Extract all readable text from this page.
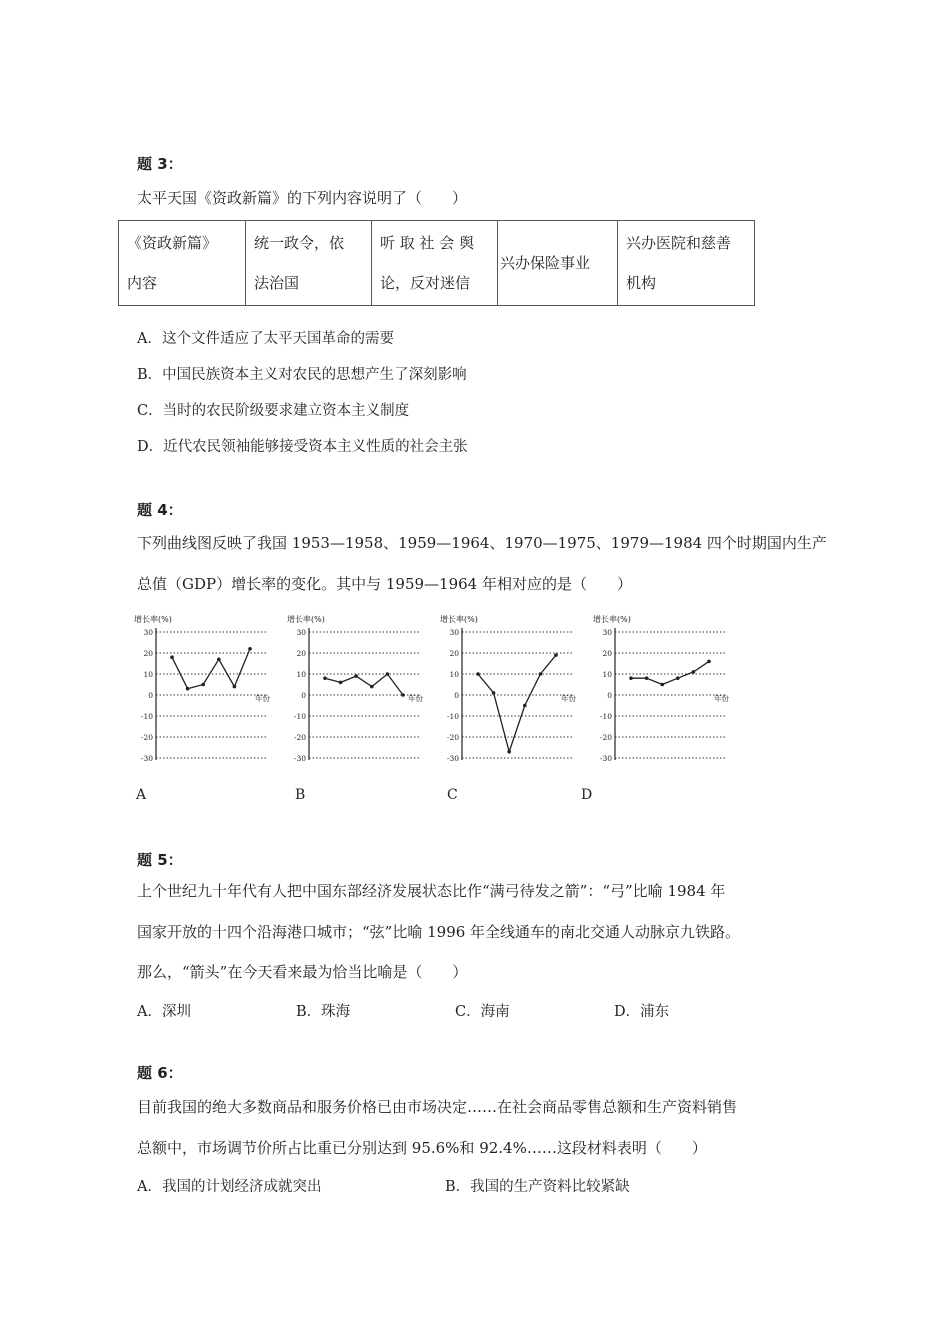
题 3：
太平天国《资政新篇》的下列内容说明了（　　）
《资政新篇》
内容

统一政令，依
法治国

听 取 社 会 舆
论，反对迷信

兴办保险事业

兴办医院和慈善
机构
A．这个文件适应了太平天国革命的需要
B．中国民族资本主义对农民的思想产生了深刻影响
C．当时的农民阶级要求建立资本主义制度
D．近代农民领袖能够接受资本主义性质的社会主张
题 4：
下列曲线图反映了我国 1953—1958、1959—1964、1970—1975、1979—1984 四个时期国内生产
总值（GDP）增长率的变化。其中与 1959—1964 年相对应的是（　　）
增长率(%)
30
20
10
0
-10
-20
-30
年份
增长率(%)
30
20
10
0
-10
-20
-30
年份
增长率(%)
30
20
10
0
-10
-20
-30
年份
增长率(%)
30
20
10
0
-10
-20
-30
年份
A	B	C	D
题 5：
上个世纪九十年代有人把中国东部经济发展状态比作“满弓待发之箭”：“弓”比喻 1984 年
国家开放的十四个沿海港口城市；“弦”比喻 1996 年全线通车的南北交通人动脉京九铁路。
那么，“箭头”在今天看来最为恰当比喻是（　　）
A．深圳	B．珠海	C．海南	D．浦东
题 6：
目前我国的绝大多数商品和服务价格已由市场决定……在社会商品零售总额和生产资料销售
总额中，市场调节价所占比重已分别达到 95.6%和 92.4%……这段材料表明（　　）
A．我国的计划经济成就突出	B．我国的生产资料比较紧缺
